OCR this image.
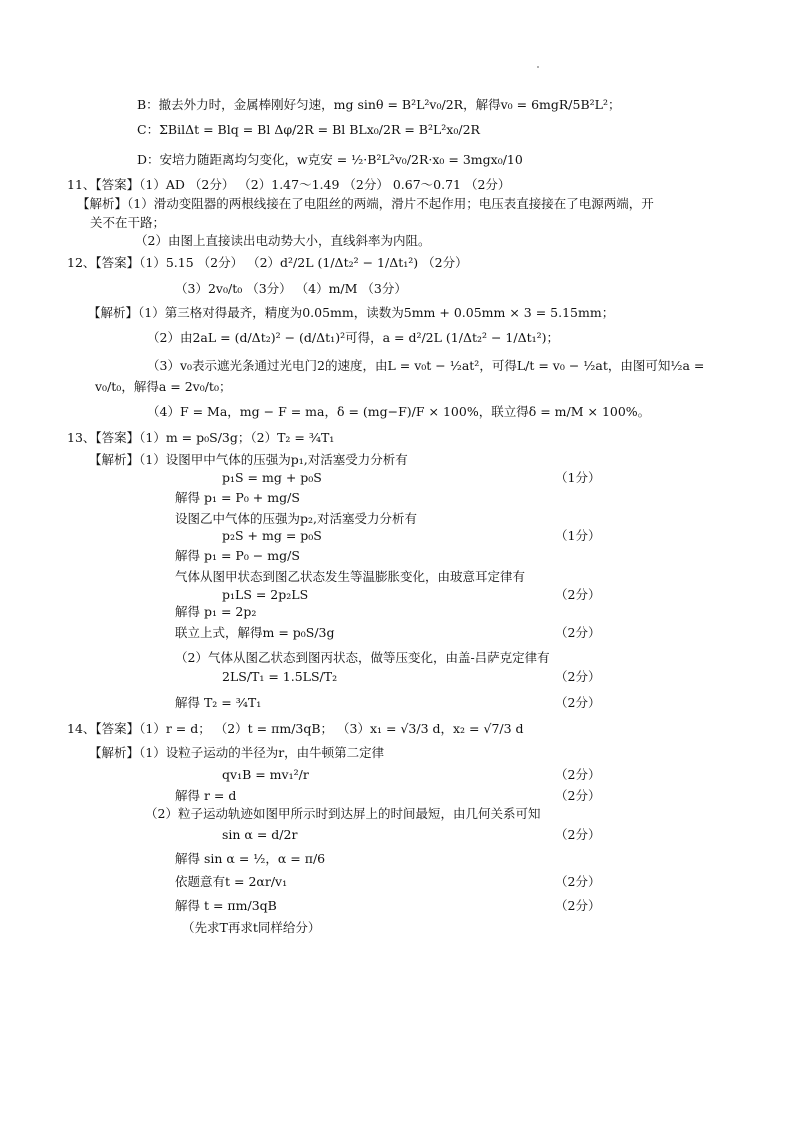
B：撤去外力时，金属棒刚好匀速，mg sinθ = B²L²v₀/2R，解得v₀ = 6mgR/5B²L²；
C：ΣBilΔt = Blq = Bl Δφ/2R = Bl BLx₀/2R = B²L²x₀/2R
D：安培力随距离均匀变化，w克安 = ½·B²L²v₀/2R·x₀ = 3mgx₀/10
11、【答案】（1）AD （2分） （2）1.47～1.49 （2分） 0.67～0.71 （2分）
【解析】（1）滑动变阻器的两根线接在了电阻丝的两端，滑片不起作用；电压表直接接在了电源两端，开
关不在干路；
（2）由图上直接读出电动势大小，直线斜率为内阻。
12、【答案】（1）5.15 （2分） （2）d²/2L (1/Δt₂² − 1/Δt₁²) （2分）
（3）2v₀/t₀ （3分） （4）m/M （3分）
【解析】（1）第三格对得最齐，精度为0.05mm，读数为5mm + 0.05mm × 3 = 5.15mm；
（2）由2aL = (d/Δt₂)² − (d/Δt₁)²可得，a = d²/2L (1/Δt₂² − 1/Δt₁²)；
（3）v₀表示遮光条通过光电门2的速度，由L = v₀t − ½at²，可得L/t = v₀ − ½at，由图可知½a =
v₀/t₀，解得a = 2v₀/t₀；
（4）F = Ma，mg − F = ma，δ = (mg−F)/F × 100%，联立得δ = m/M × 100%。
13、【答案】（1）m = p₀S/3g；（2）T₂ = ¾T₁
【解析】（1）设图甲中气体的压强为p₁,对活塞受力分析有
p₁S = mg + p₀S	（1分）
解得 p₁ = P₀ + mg/S
设图乙中气体的压强为p₂,对活塞受力分析有
p₂S + mg = p₀S	（1分）
解得 p₁ = P₀ − mg/S
气体从图甲状态到图乙状态发生等温膨胀变化，由玻意耳定律有
p₁LS = 2p₂LS	（2分）
解得 p₁ = 2p₂
联立上式，解得m = p₀S/3g	（2分）
（2）气体从图乙状态到图丙状态，做等压变化，由盖-吕萨克定律有
2LS/T₁ = 1.5LS/T₂	（2分）
解得 T₂ = ¾T₁	（2分）
14、【答案】（1）r = d； （2）t = πm/3qB； （3）x₁ = √3/3 d，x₂ = √7/3 d
【解析】（1）设粒子运动的半径为r，由牛顿第二定律
qv₁B = mv₁²/r	（2分）
解得 r = d	（2分）
（2）粒子运动轨迹如图甲所示时到达屏上的时间最短，由几何关系可知
sin α = d/2r	（2分）
解得 sin α = ½，α = π/6
依题意有t = 2αr/v₁	（2分）
解得 t = πm/3qB	（2分）
（先求T再求t同样给分）
